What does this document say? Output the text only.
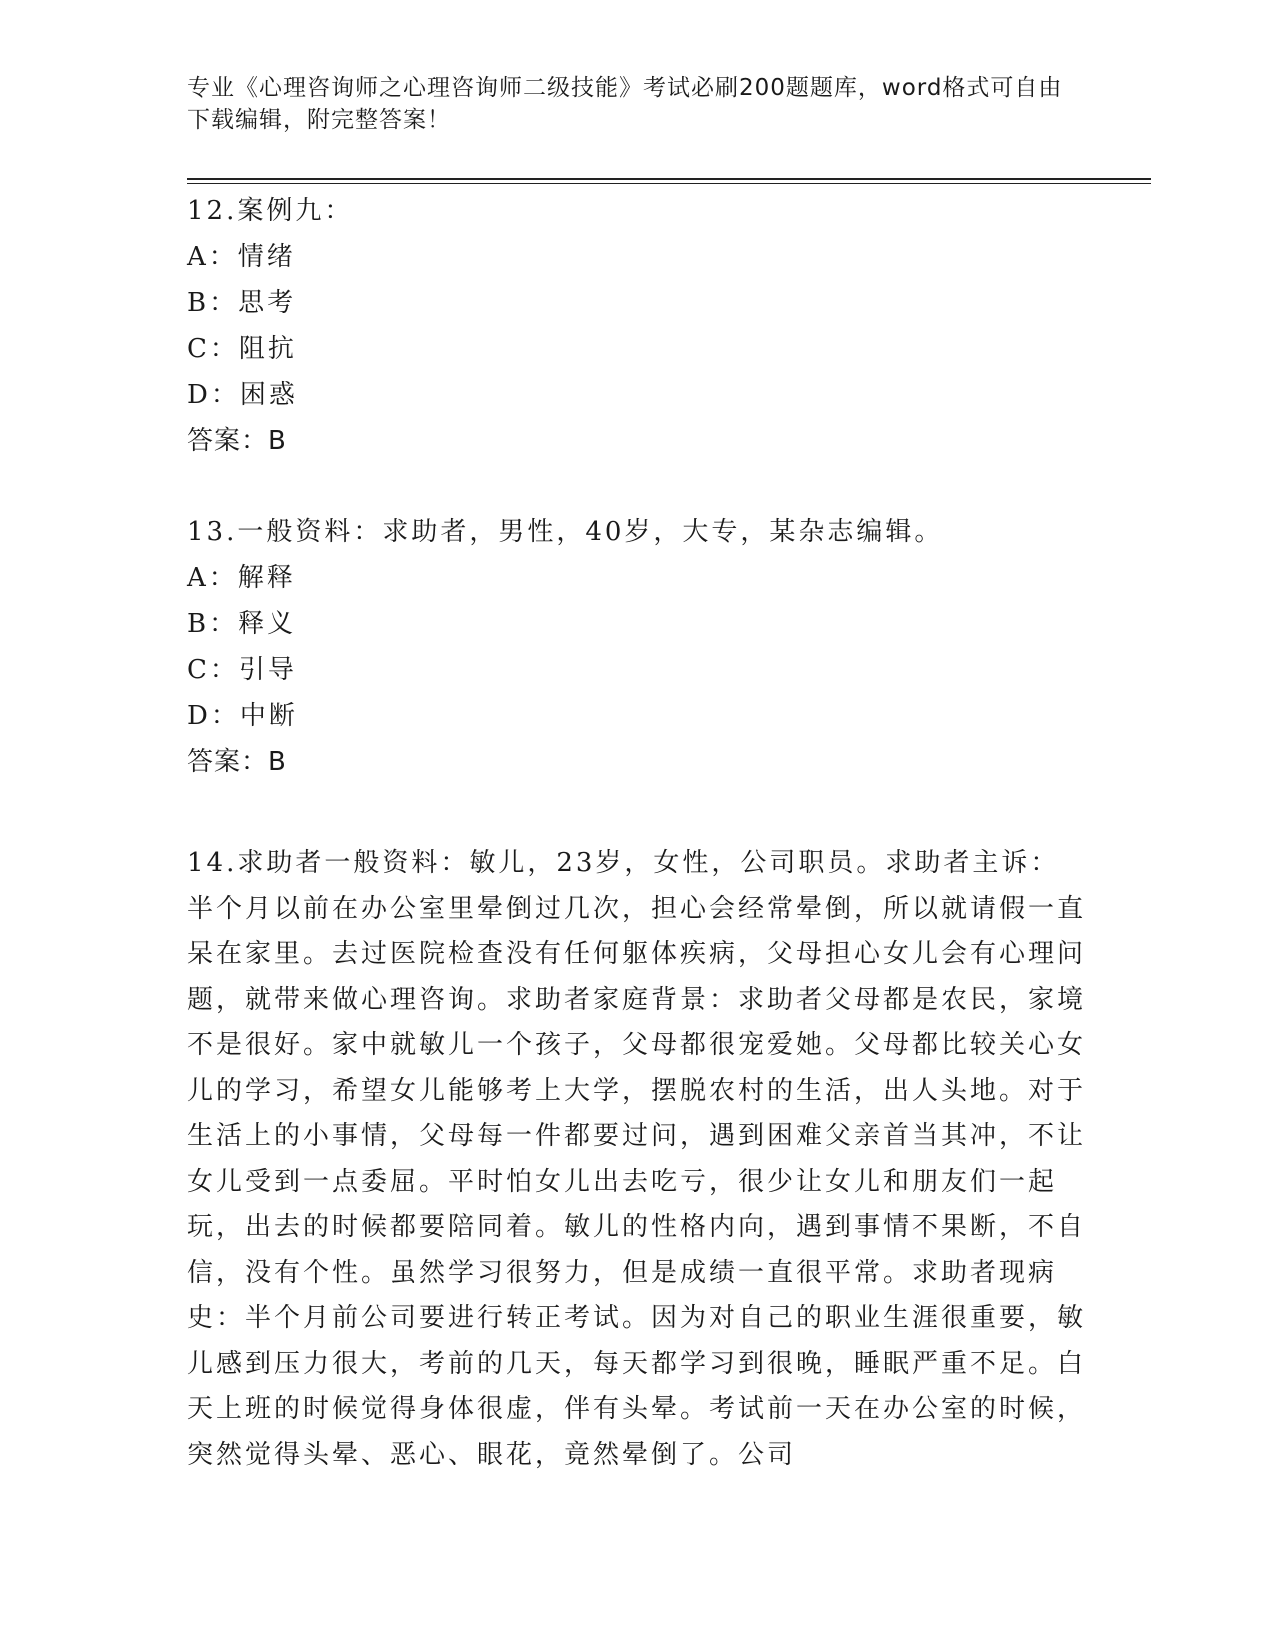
专业《心理咨询师之心理咨询师二级技能》考试必刷200题题库，word格式可自由下载编辑，附完整答案！

12.案例九：

A：情绪

B：思考

C：阻抗

D：困惑

答案：B

13.一般资料：求助者，男性，40岁，大专，某杂志编辑。

A：解释

B：释义

C：引导

D：中断

答案：B

14.求助者一般资料：敏儿，23岁，女性，公司职员。求助者主诉：半个月以前在办公室里晕倒过几次，担心会经常晕倒，所以就请假一直呆在家里。去过医院检查没有任何躯体疾病，父母担心女儿会有心理问题，就带来做心理咨询。求助者家庭背景：求助者父母都是农民，家境不是很好。家中就敏儿一个孩子，父母都很宠爱她。父母都比较关心女儿的学习，希望女儿能够考上大学，摆脱农村的生活，出人头地。对于生活上的小事情，父母每一件都要过问，遇到困难父亲首当其冲，不让女儿受到一点委屈。平时怕女儿出去吃亏，很少让女儿和朋友们一起玩，出去的时候都要陪同着。敏儿的性格内向，遇到事情不果断，不自信，没有个性。虽然学习很努力，但是成绩一直很平常。求助者现病史：半个月前公司要进行转正考试。因为对自己的职业生涯很重要，敏儿感到压力很大，考前的几天，每天都学习到很晚，睡眠严重不足。白天上班的时候觉得身体很虚，伴有头晕。考试前一天在办公室的时候，突然觉得头晕、恶心、眼花，竟然晕倒了。公司
